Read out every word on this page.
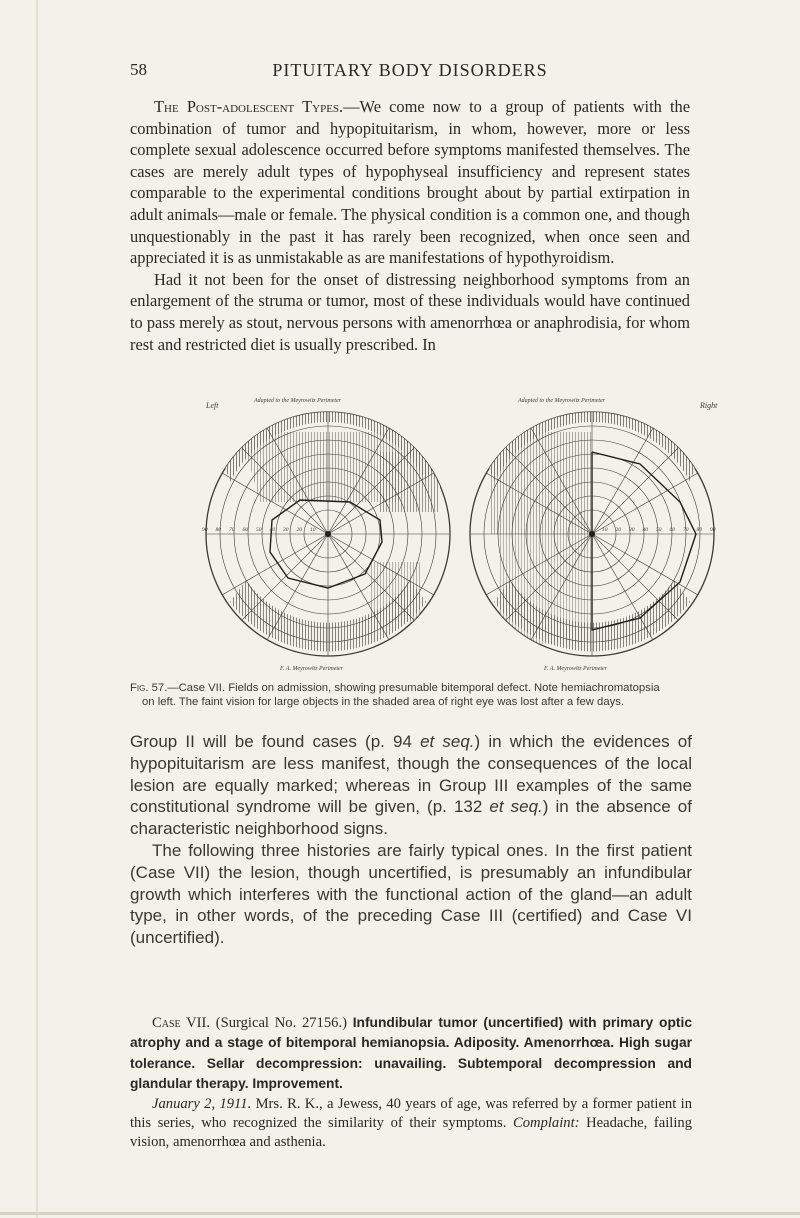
58	PITUITARY BODY DISORDERS

The Post-adolescent Types.—We come now to a group of patients with the combination of tumor and hypopituitarism, in whom, however, more or less complete sexual adolescence occurred before symptoms manifested themselves. The cases are merely adult types of hypophyseal insufficiency and represent states comparable to the experimental conditions brought about by partial extirpation in adult animals—male or female. The physical condition is a common one, and though unquestionably in the past it has rarely been recognized, when once seen and appreciated it is as unmistakable as are manifestations of hypothyroidism.

Had it not been for the onset of distressing neighborhood symptoms from an enlargement of the struma or tumor, most of these individuals would have continued to pass merely as stout, nervous persons with amenorrhœa or anaphrodisia, for whom rest and restricted diet is usually prescribed. In

Left	Right
Adapted to the Meyrowitz Perimeter	Adapted to the Meyrowitz Perimeter
F. A. Meyrowitz Perimeter	F. A. Meyrowitz Perimeter
90 80 70 60 50 40 30 20 10	90
80
70
60
50
40
30
20
10
Fig. 57.—Case VII. Fields on admission, showing presumable bitemporal defect. Note hemiachromatopsia
on left. The faint vision for large objects in the shaded area of right eye was lost after a few days.

Group II will be found cases (p. 94 et seq.) in which the evidences of hypopituitarism are less manifest, though the consequences of the local lesion are equally marked; whereas in Group III examples of the same constitutional syndrome will be given, (p. 132 et seq.) in the absence of characteristic neighborhood signs.

The following three histories are fairly typical ones. In the first patient (Case VII) the lesion, though uncertified, is presumably an infundibular growth which interferes with the functional action of the gland—an adult type, in other words, of the preceding Case III (certified) and Case VI (uncertified).

Case VII. (Surgical No. 27156.) Infundibular tumor (uncertified) with primary optic atrophy and a stage of bitemporal hemianopsia. Adiposity. Amenorrhœa. High sugar tolerance. Sellar decompression: unavailing. Subtemporal decompression and glandular therapy. Improvement.

January 2, 1911. Mrs. R. K., a Jewess, 40 years of age, was referred by a former patient in this series, who recognized the similarity of their symptoms. Complaint: Headache, failing vision, amenorrhœa and asthenia.
